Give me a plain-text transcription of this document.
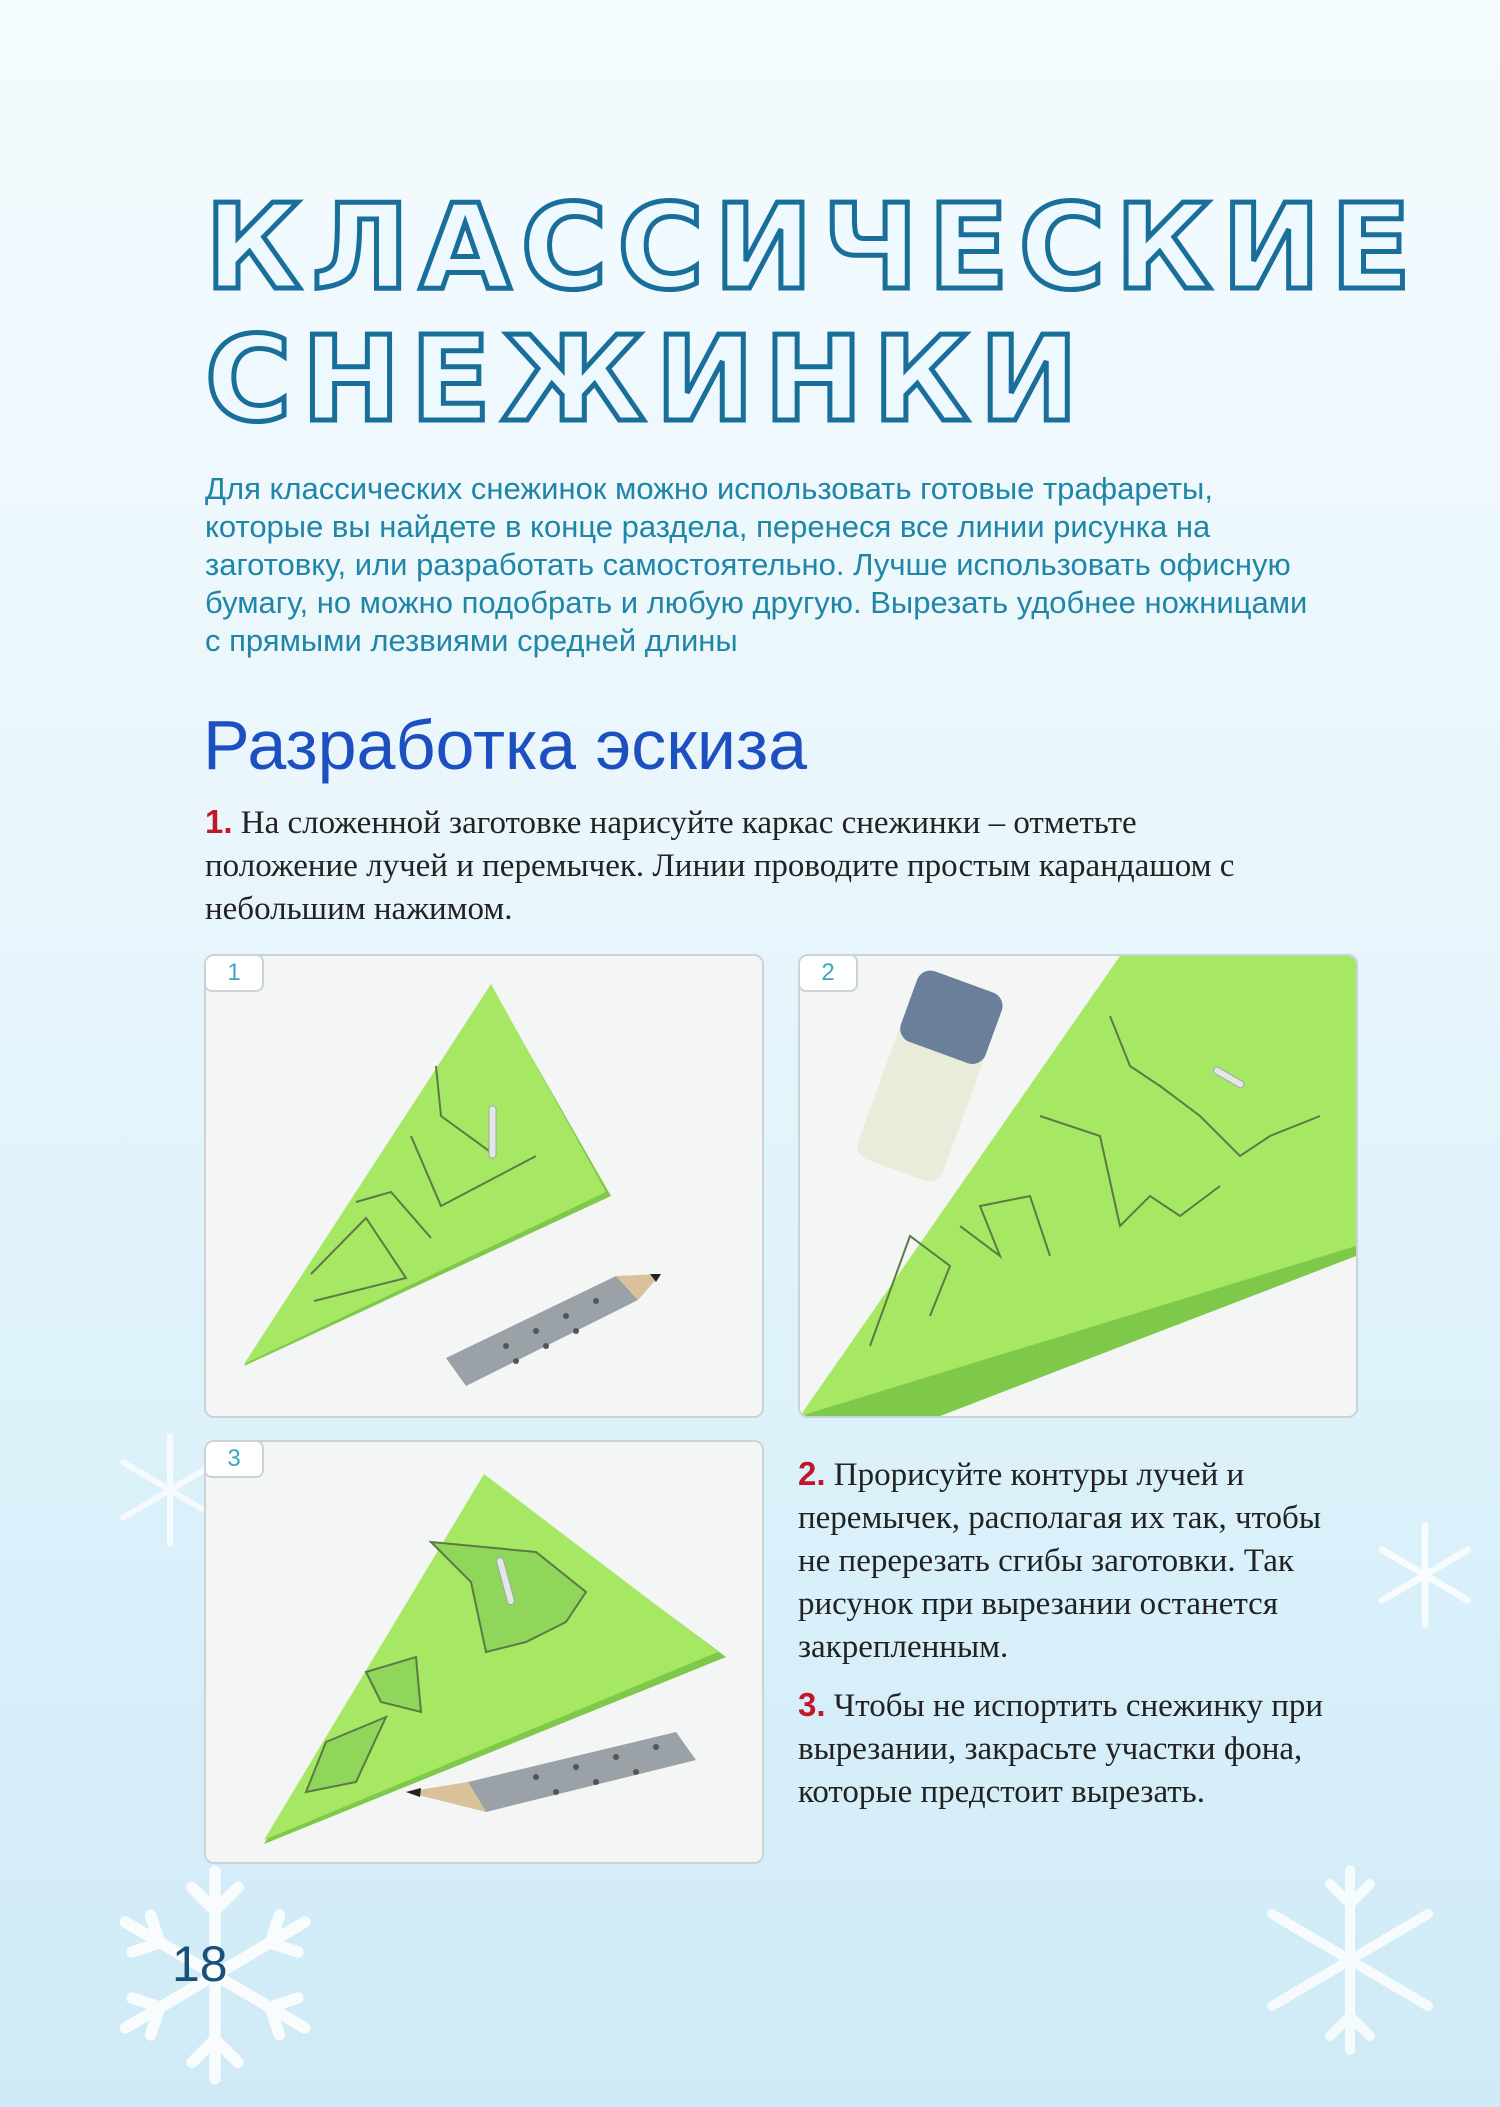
КЛАССИЧЕСКИЕ
СНЕЖИНКИ

Для классических снежинок можно использовать готовые трафареты, которые вы найдете в конце раздела, перенеся все линии рисунка на заготовку, или разработать самостоятельно. Лучше использовать офисную бумагу, но можно подобрать и любую другую. Вырезать удобнее ножницами с прямыми лезвиями средней длины

Разработка эскиза

1. На сложенной заготовке нарисуйте каркас снежинки – отметьте положение лучей и перемычек. Линии проводите простым карандашом с небольшим нажимом.

1	2
3	2. Прорисуйте контуры лучей и перемычек, располагая их так, чтобы не перерезать сгибы заготовки. Так рисунок при вырезании останется закрепленным.

3. Чтобы не испортить снежинку при вырезании, закрасьте участки фона, которые предстоит вырезать.

18
